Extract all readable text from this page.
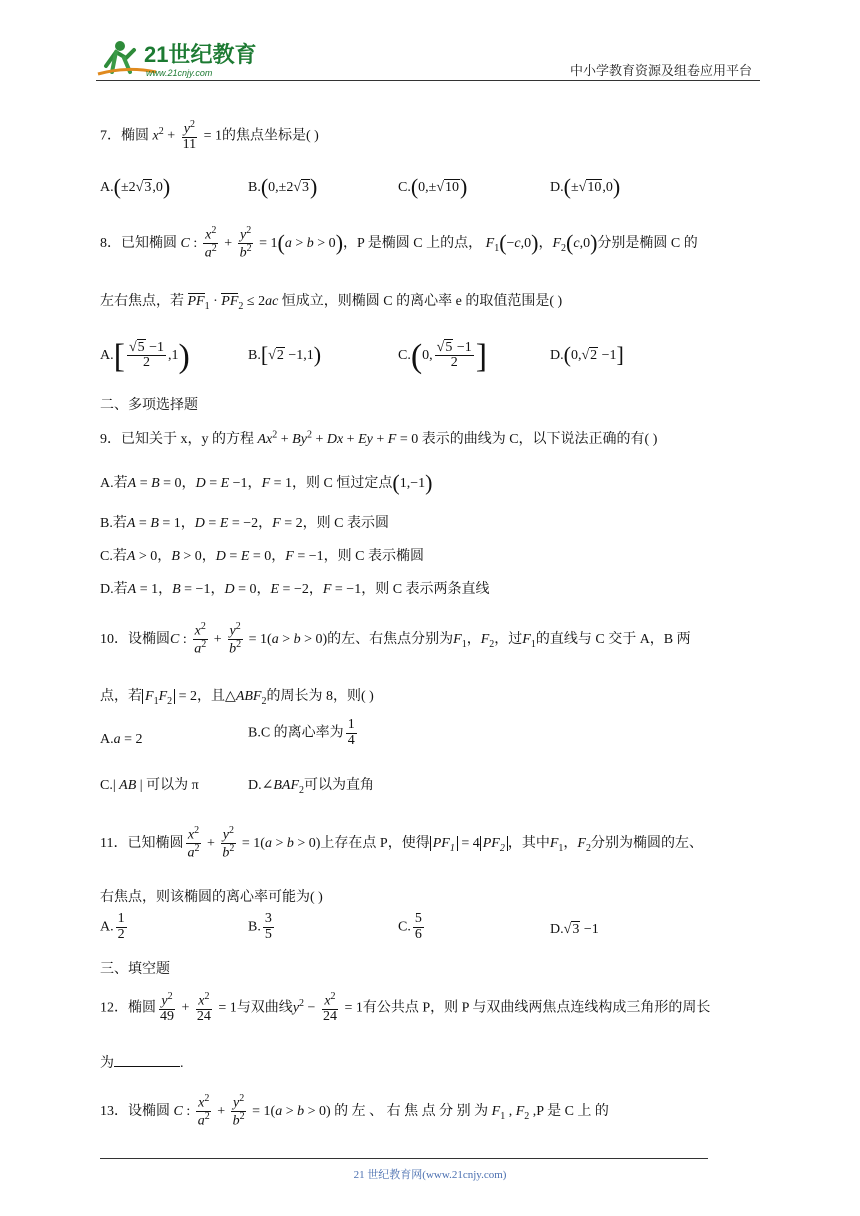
21世纪教育
www.21cnjy.com	中小学教育资源及组卷应用平台
7．椭圆 $x^2 + \frac{y^2}{11} = 1$的焦点坐标是( )
A.(±2√3,0)	B.(0,±2√3)	C.(0,±√10)	D.(±√10,0)
8．已知椭圆 C : $\frac{x^2}{a^2} + \frac{y^2}{b^2} = 1(a > b > 0)$，P 是椭圆 C 上的点， $F_1(-c,0)$，$F_2(c,0)$分别是椭圆 C 的
左右焦点，若 $PF_1 \cdot PF_2 \le 2ac$ 恒成立，则椭圆 C 的离心率 e 的取值范围是( )
$A.[ \frac{√5 -1}{2} ,1)$	B.[√2 −1,1)	C.(0, $\frac{√5 -1}{2}$ ]	D.(0,√2 −1]
二、多项选择题
9．已知关于 x，y 的方程 $Ax^2 + By^2 + Dx + Ey + F = 0$ 表示的曲线为 C，以下说法正确的有( )
A.若A = B = 0，D = E −1，F = 1，则 C 恒过定点(1,−1)
B.若A = B = 1，D = E = −2，F = 2，则 C 表示圆
C.若A > 0，B > 0，D = E = 0，F = −1，则 C 表示椭圆
D.若A = 1，B = −1，D = 0，E = −2，F = −1，则 C 表示两条直线
10．设椭圆C : $\frac{x^2}{a^2} + \frac{y^2}{b^2} = 1(a > b > 0)$的左、右焦点分别为$F_1$，$F_2$，过$F_1$的直线与 C 交于 A，B 两
点，若 $F_1F_2 = 2$，且$\triangle ABF_2$的周长为 8，则( )
A.a = 2	B.C 的离心率为 $\frac{1}{4}$
C.| AB | 可以为 π	$D.\angle BAF_2$可以为直角
11．已知椭圆 $\frac{x^2}{a^2} + \frac{y^2}{b^2} = 1(a > b > 0)$上存在点 P，使得 $PF_1 = 4$ $PF_2$ ，其中$F_1$，$F_2$分别为椭圆的左、
右焦点，则该椭圆的离心率可能为( )
A. $\frac{1}{2}$	B. $\frac{3}{5}$	C. $\frac{5}{6}$	D.√3 −1
三、填空题
12．椭圆 $\frac{y^2}{49} + \frac{x^2}{24} = 1$与双曲线$y^2 - \frac{x^2}{24} = 1$有公共点 P，则 P 与双曲线两焦点连线构成三角形的周长
为	.
13．设椭圆 C : $\frac{x^2}{a^2} + \frac{y^2}{b^2} = 1(a > b > 0)$ 的 左 、 右 焦 点 分 别 为 $F_1$ , $F_2$ ,P 是 C 上 的
21 世纪教育网(www.21cnjy.com)
